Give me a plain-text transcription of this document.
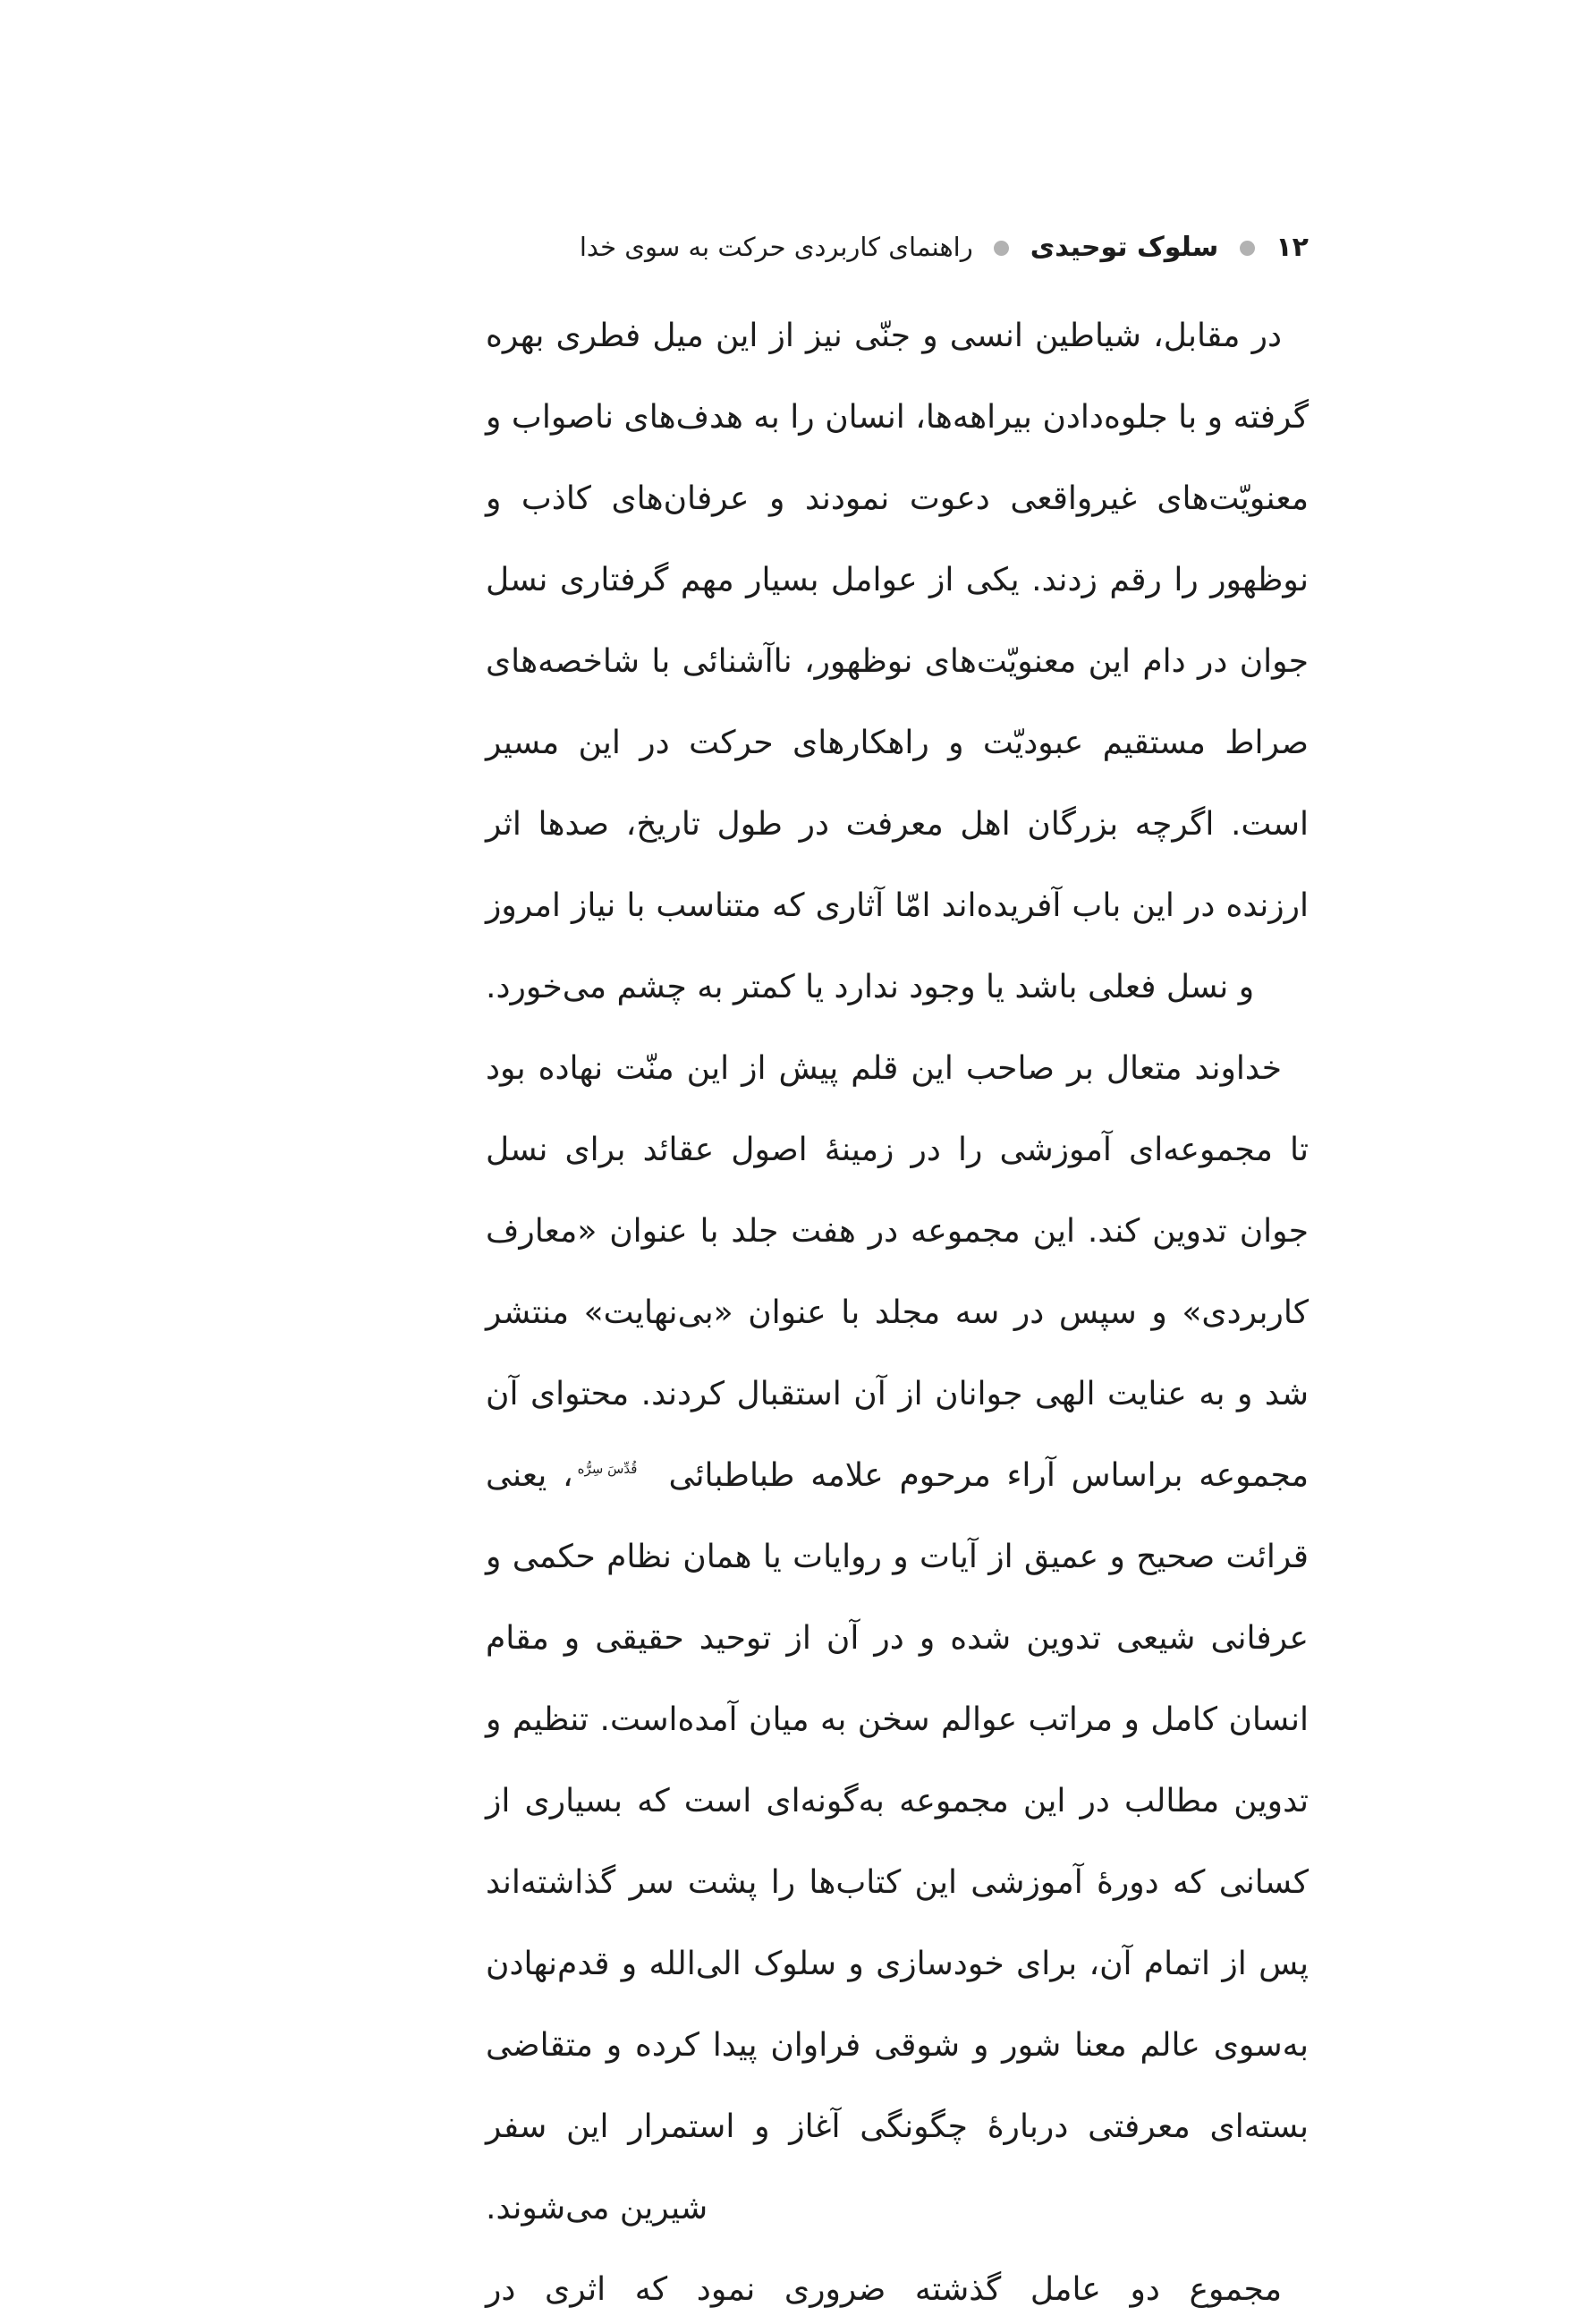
۱۲  سلوک توحیدی  راهنمای کاربردی حرکت به سوی خدا

در مقابل، شیاطین انسی و جنّی نیز از این میل فطری بهره گرفته و با جلوه‌دادن بیراهه‌ها، انسان را به هدف‌های ناصواب و معنویّت‌های غیرواقعی دعوت نمودند و عرفان‌های کاذب و نوظهور را رقم زدند. یکی از عوامل بسیار مهم گرفتاری نسل جوان در دام این معنویّت‌های نوظهور، ناآشنائی با شاخصه‌های صراط مستقیم عبودیّت و راهکارهای حرکت در این مسیر است. اگرچه بزرگان اهل معرفت در طول تاریخ، صدها اثر ارزنده در این باب آفریده‌اند امّا آثاری که متناسب با نیاز امروز و نسل فعلی باشد یا وجود ندارد یا کمتر به چشم می‌خورد.

خداوند متعال بر صاحب این قلم پیش از این منّت نهاده بود تا مجموعه‌ای آموزشی را در زمینهٔ اصول عقائد برای نسل جوان تدوین کند. این مجموعه در هفت جلد با عنوان «معارف کاربردی» و سپس در سه مجلد با عنوان «بی‌نهایت» منتشر شد و به عنایت الهی جوانان از آن استقبال کردند. محتوای آن مجموعه براساس آراء مرحوم علامه طباطبائیقُدِّسَ سِرُّه، یعنی قرائت صحیح و عمیق از آیات و روایات یا همان نظام حکمی و عرفانی شیعی تدوین شده و در آن از توحید حقیقی و مقام انسان کامل و مراتب عوالم سخن به میان آمده‌است. تنظیم و تدوین مطالب در این مجموعه به‌گونه‌ای است که بسیاری از کسانی که دورهٔ آموزشی این کتاب‌ها را پشت سر گذاشته‌اند پس از اتمام آن، برای خودسازی و سلوک الی‌الله و قدم‌نهادن به‌سوی عالم معنا شور و شوقی فراوان پیدا کرده و متقاضی بسته‌ای معرفتی دربارهٔ چگونگی آغاز و استمرار این سفر شیرین می‌شوند.

مجموع دو عامل گذشته ضروری نمود که اثری در
